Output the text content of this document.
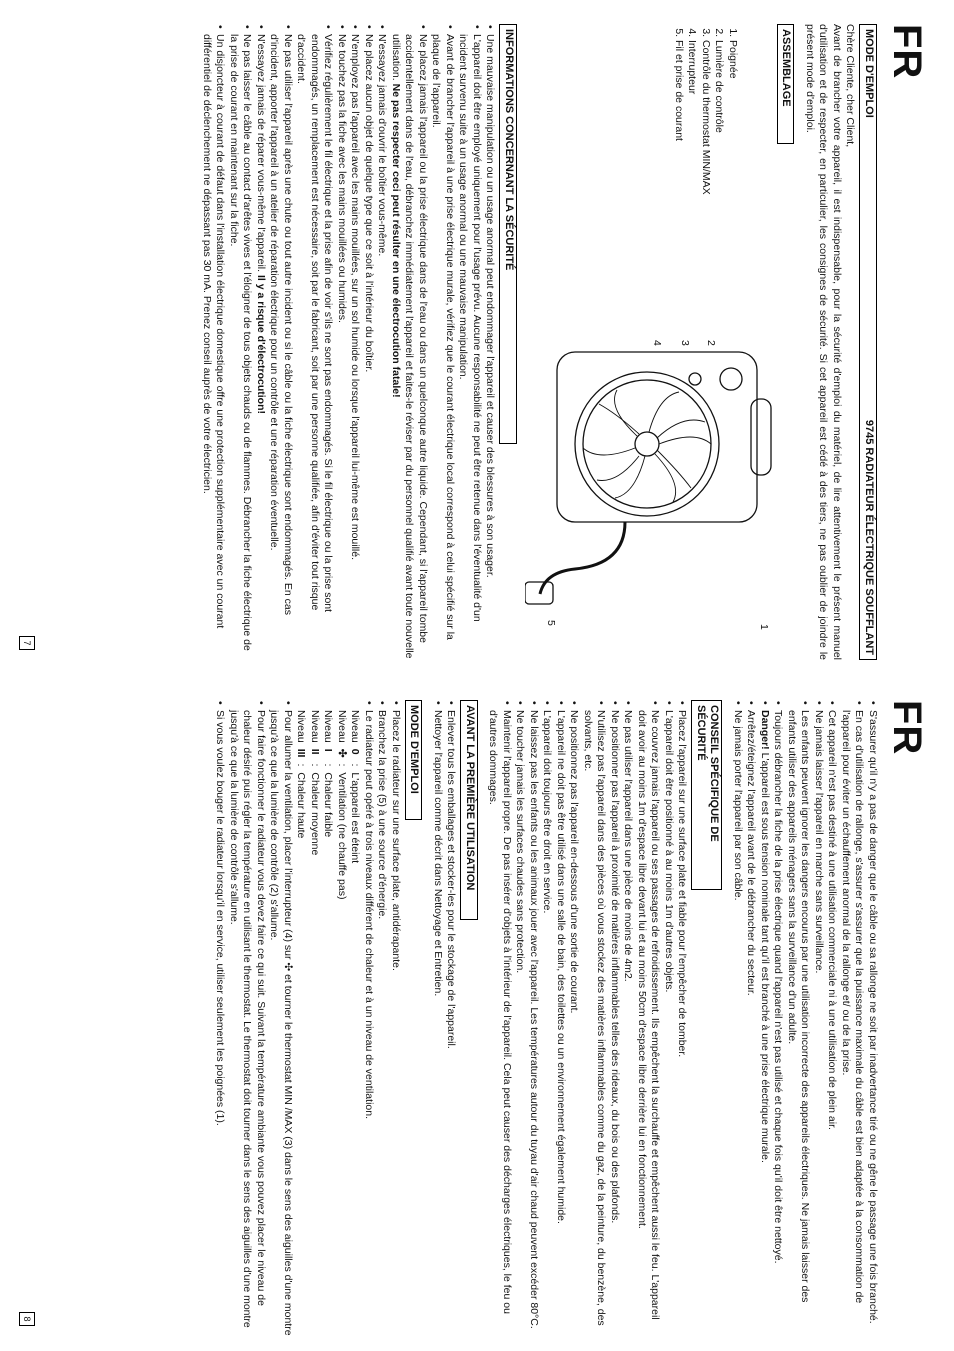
FR
MODE D'EMPLOI
9745 RADIATEUR ÉLECTRIQUE SOUFFLANT

Chère Cliente, cher Client,

Avant de brancher votre appareil, il est indispensable, pour la sécurité d'emploi du matériel, de lire attentivement le présent manuel d'utilisation et de respecter, en particulier, les consignes de sécurité. Si cet appareil est cédé à des tiers, ne pas oublier de joindre le présent mode d'emploi.

ASSEMBLAGE
1. Poignée
2. Lumière de contrôle
3. Contrôle du thermostat MIN/MAX
4. Interrupteur
5. Fil et prise de courant
1
2
3
4
5
INFORMATIONS CONCERNANT LA SÉCURITÉ
• Une mauvaise manipulation ou un usage anormal peut endommager l'appareil et causer des blessures à son usager.
• L'appareil doit être employé uniquement pour l'usage prévu. Aucune responsabilité ne peut être retenue dans l'éventualité d'un incident survenu suite à un usage anormal ou une mauvaise manipulation.
• Avant de brancher l'appareil à une prise électrique murale, vérifiez que le courant électrique local correspond à celui spécifié sur la plaque de l'appareil.
• Ne placez jamais l'appareil ou la prise électrique dans de l'eau ou dans un quelconque autre liquide. Cependant, si l'appareil tombe accidentellement dans de l'eau, débranchez immédiatement l'appareil et faites-le réviser par du personnel qualifié avant toute nouvelle utilisation. Ne pas respecter ceci peut résulter en une électrocution fatale!
• N'essayez jamais d'ouvrir le boîtier vous-même.
• Ne placez aucun objet de quelque type que ce soit à l'intérieur du boîtier.
• N'employez pas l'appareil avec les mains mouillées, sur un sol humide ou lorsque l'appareil lui-même est mouillé.
• Ne touchez pas la fiche avec les mains mouillées ou humides.
• Vérifiez régulièrement le fil électrique et la prise afin de voir s'ils ne sont pas endommagés. Si le fil électrique ou la prise sont endommagés, un remplacement est nécessaire, soit par le fabricant, soit par une personne qualifiée, afin d'éviter tout risque d'accident.
• Ne pas utiliser l'appareil après une chute ou tout autre incident ou si le câble ou la fiche électrique sont endommagés. En cas d'incident, apporter l'appareil à un atelier de réparation électrique pour un contrôle et une réparation éventuelle.
• N'essayez jamais de réparer vous-même l'appareil. Il y a risque d'électrocution!
• Ne pas laisser le câble au contact d'arêtes vives et l'éloigner de tous objets chauds ou de flammes. Débrancher la fiche électrique de la prise de courant en maintenant sur la fiche.
• Un disjoncteur à courant de défaut dans l'installation électrique domestique offre une protection supplémentaire avec un courant différentiel de déclenchement ne dépassant pas 30 mA. Prenez conseil auprès de votre électricien.
7
FR
• S'assurer qu'il n'y a pas de danger que le câble ou sa rallonge ne soit par inadvertance tiré ou ne gêne le passage une fois branché.
• En cas d'utilisation de rallonge, s'assurer s'assurer que la puissance maximale du câble est bien adaptée à la consommation de l'appareil pour éviter un échauffement anormal de la rallonge et/ ou de la prise.
• Cet appareil n'est pas destiné à une utilisation commerciale ni à une utilisation de plein air.
• Ne jamais laisser l'appareil en marche sans surveillance.
• Les enfants peuvent ignorer les dangers encourus par une utilisation incorrecte des appareils électriques. Ne jamais laisser des enfants utiliser des appareils ménagers sans la surveillance d'un adulte.
• Toujours débrancher la fiche de la prise électrique quand l'appareil n'est pas utilisé et chaque fois qu'il doit être nettoyé.
• Danger! L'appareil est sous tension nominale tant qu'il est branché à une prise électrique murale.
• Arrêtez/éteignez l'appareil avant de le débrancher du secteur.
• Ne jamais porter l'appareil par son câble.
CONSEIL SPÉCIFIQUE DE SÉCURITÉ
• Placez l'appareil sur une surface plate et fiable pour l'empêcher de tomber.
• L'appareil doit être positionné à au moins 1m d'autres objets.
• Ne couvrez jamais l'appareil ou ses passages de refroidissement. Ils empêchent la surchauffe et empêchent aussi le feu. L'appareil doit avoir au moins 1m d'espace libre devant lui et au moins 50cm d'espace libre derrière lui en fonctionnement.
• Ne pas utiliser l'appareil dans une pièce de moins de 4m2.
• Ne positionner pas l'appareil à proximité de matières inflammables telles des rideaux, du bois ou des plafonds.
• N'utilisez pas l'appareil dans des pièces où vous stockez des matières inflammables comme du gaz, de la peinture, du benzène, des solvants, etc.
• Ne positionnez pas l'appareil en-dessous d'une sortie de courant.
• L'appareil ne doit pas être utilisé dans une salle de bain, des toilettes ou un environnement également humide.
• L'appareil doit toujours être droit en service.
• Ne laissez pas les enfants ou les animaux jouer avec l'appareil. Les températures autour du tuyau d'air chaud peuvent excéder 80°C.
• Ne toucher jamais les surfaces chaudes sans protection.
• Maintenir l'appareil propre. De pas insérer d'objets à l'intérieur de l'appareil. Cela peut causer des décharges électriques, le feu ou d'autres dommages.
AVANT LA PREMIÈRE UTILISATION
• Enlever tous les emballages et stocker-les pour le stockage de l'appareil.
• Nettoyer l'appareil comme décrit dans Nettoyage et Entretien.
MODE D'EMPLOI
• Placez le radiateur sur une surface plate, antidérapante.
• Branchez la prise (5) à une source d'énergie.
• Le radiateur peut opéré à trois niveaux différent de chaleur et à un niveau de ventilation.
Niveau	0	:	L'appareil est éteint
Niveau	✣	:	Ventilation (ne chauffe pas)
Niveau	I	:	Chaleur faible
Niveau	II	:	Chaleur moyenne
Niveau	III	:	Chaleur haute
• Pour allumer la ventilation, placer l'interrupteur (4) sur ✣ et tourner le thermostat MIN /MAX (3) dans le sens des aiguilles d'une montre jusqu'à ce que la lumière de contrôle (2) s'allume.
• Pour faire fonctionner le radiateur vous devez faire ce qui suit. Suivant la température ambiante vous pouvez placer le niveau de chaleur désiré puis régler la température en utilisant le thermostat. Le thermostat doit tourner dans le sens des aiguilles d'une montre jusqu'à ce que la lumière de contrôle s'allume.
• Si vous voulez bouger le radiateur lorsqu'il en service, utiliser seulement les poignées (1).
8
